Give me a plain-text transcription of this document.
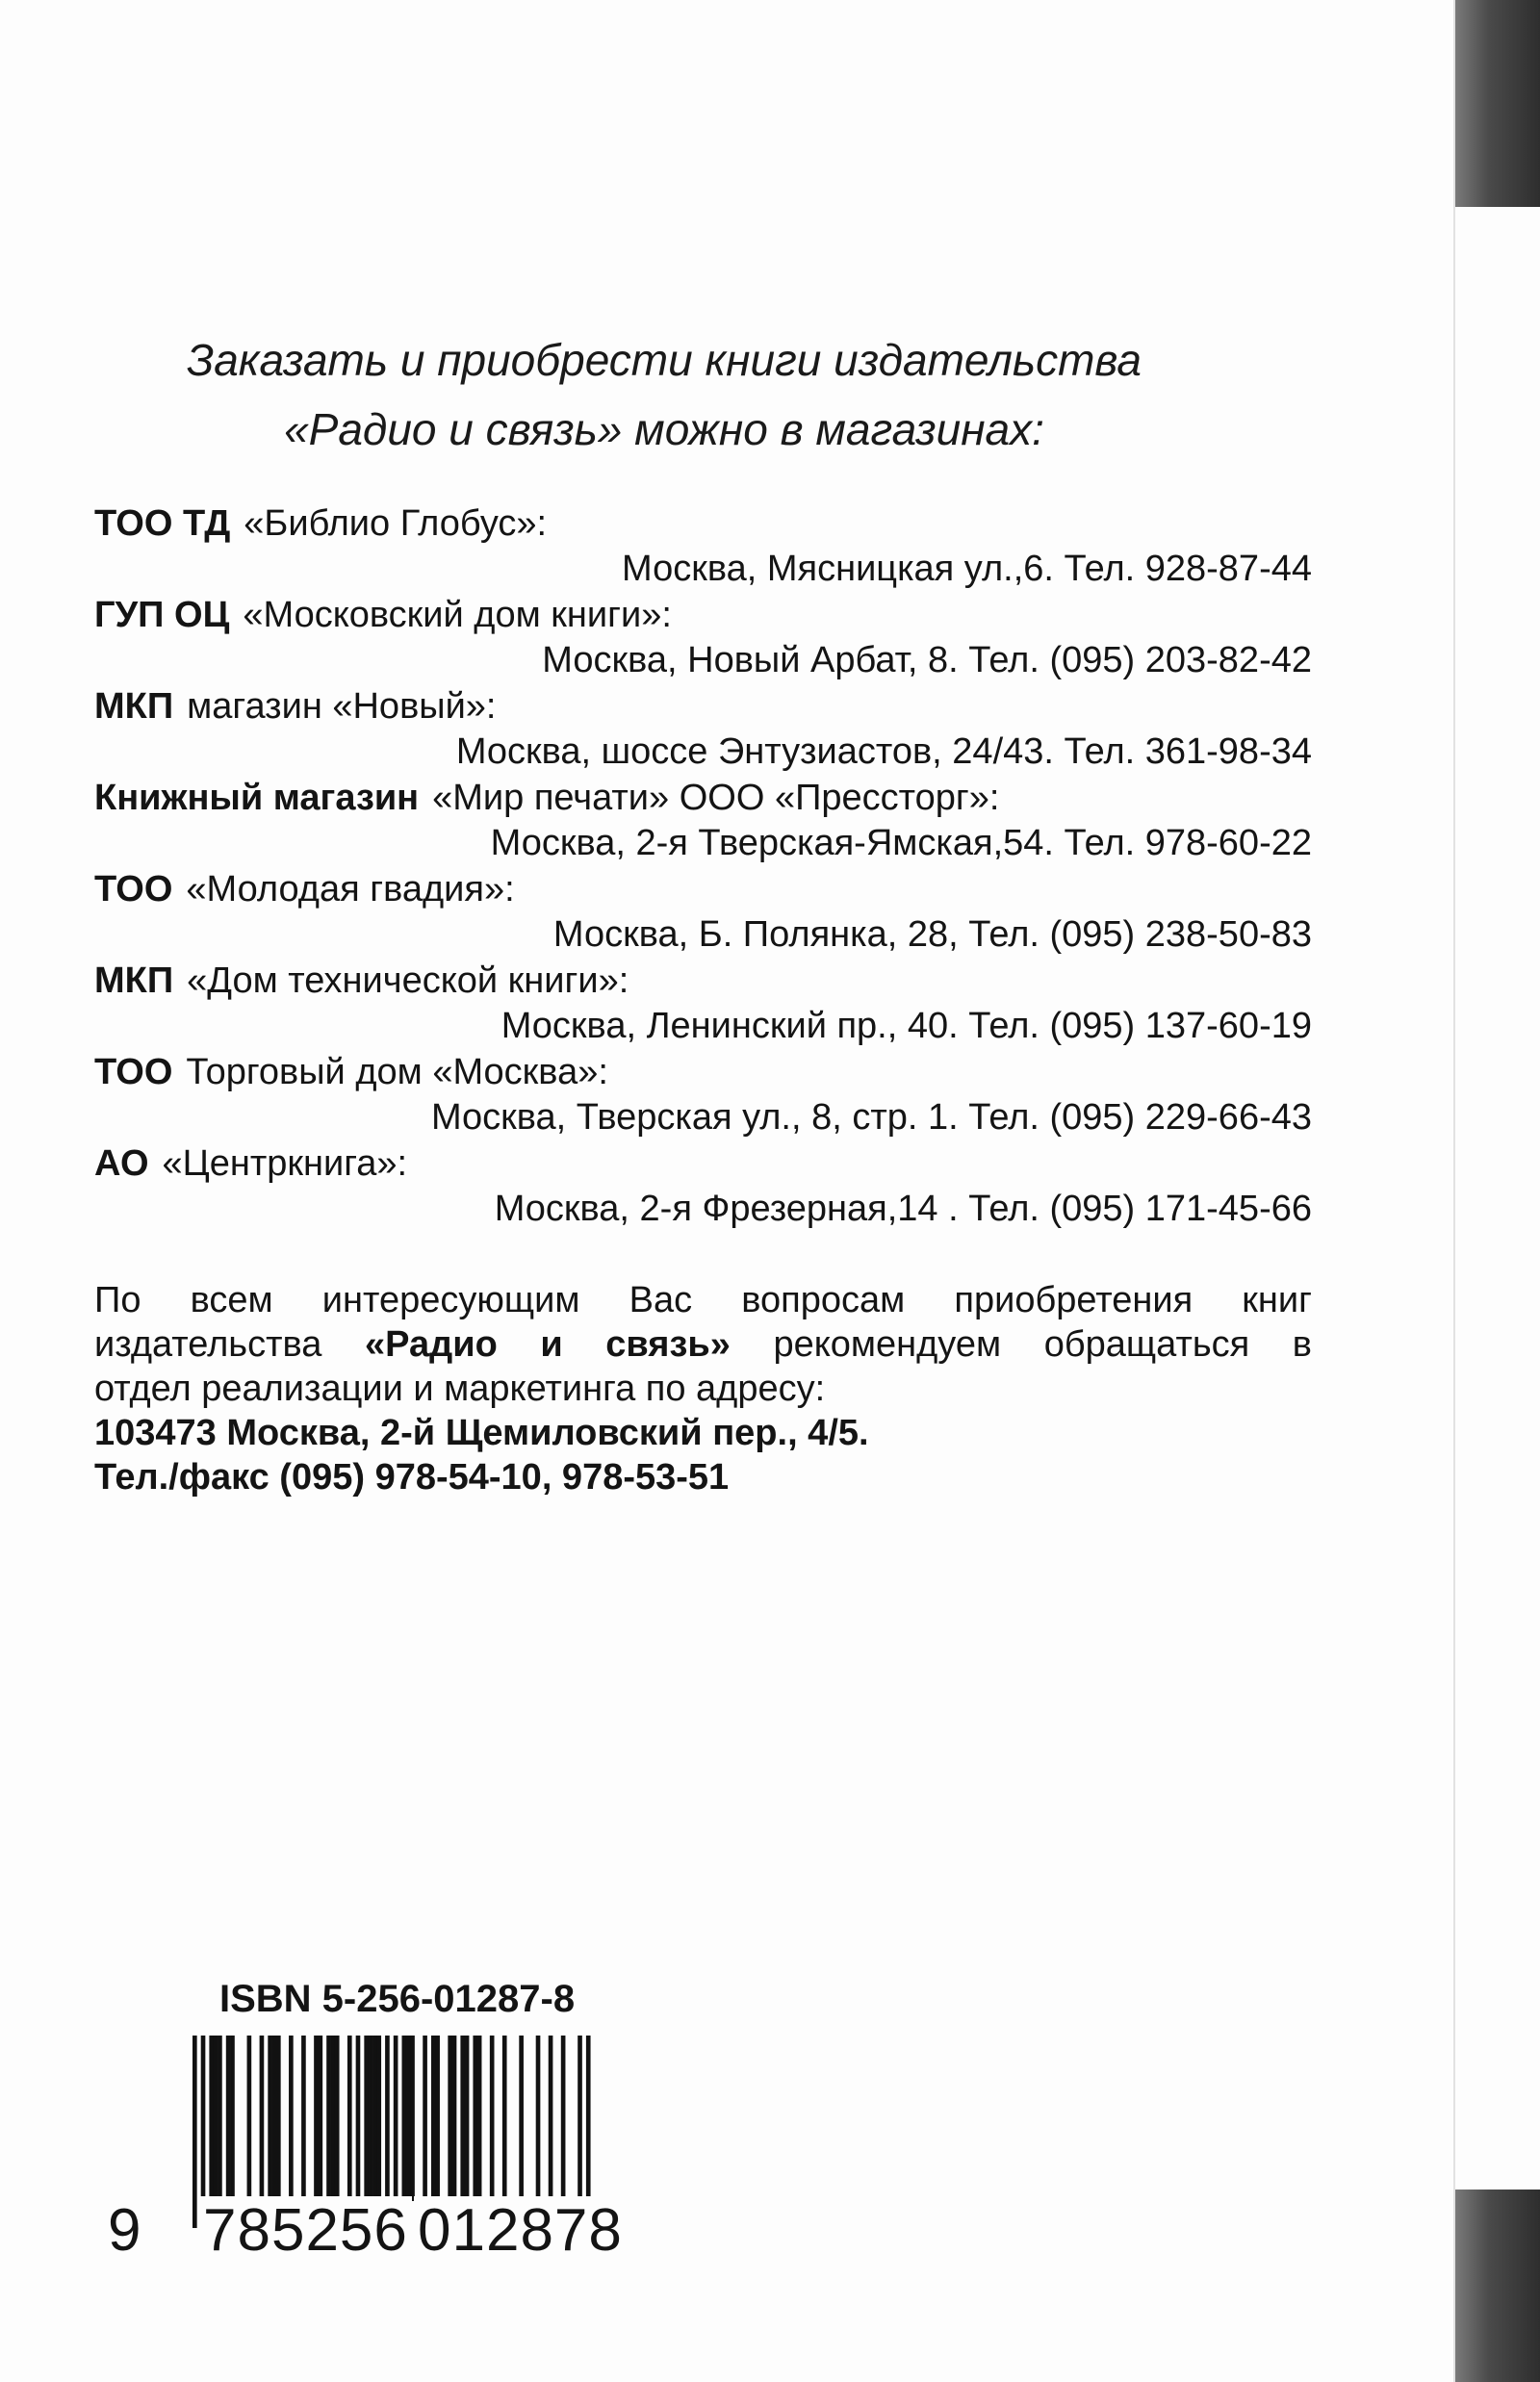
Заказать и приобрести книги издательства
«Радио и связь» можно в магазинах:
ТОО ТД «Библио Глобус»:
Москва, Мясницкая ул.,6. Тел. 928-87-44
ГУП ОЦ «Московский дом книги»:
Москва, Новый Арбат, 8. Тел. (095) 203-82-42
МКП магазин «Новый»:
Москва, шоссе Энтузиастов, 24/43. Тел. 361-98-34
Книжный магазин «Мир печати» ООО «Прессторг»:
Москва, 2-я Тверская-Ямская,54. Тел. 978-60-22
ТОО «Молодая гвадия»:
Москва, Б. Полянка, 28, Тел. (095) 238-50-83
МКП «Дом технической книги»:
Москва, Ленинский пр., 40. Тел. (095) 137-60-19
ТОО Торговый дом «Москва»:
Москва, Тверская ул., 8, стр. 1. Тел. (095) 229-66-43
АО «Центркнига»:
Москва, 2-я Фрезерная,14 . Тел. (095) 171-45-66
По всем интересующим Вас вопросам приобретения книг
издательства «Радио и связь» рекомендуем обращаться в
отдел реализации и маркетинга по адресу:
103473 Москва, 2-й Щемиловский пер., 4/5.
Тел./факс (095) 978-54-10, 978-53-51
ISBN 5-256-01287-8
9 785256 012878
